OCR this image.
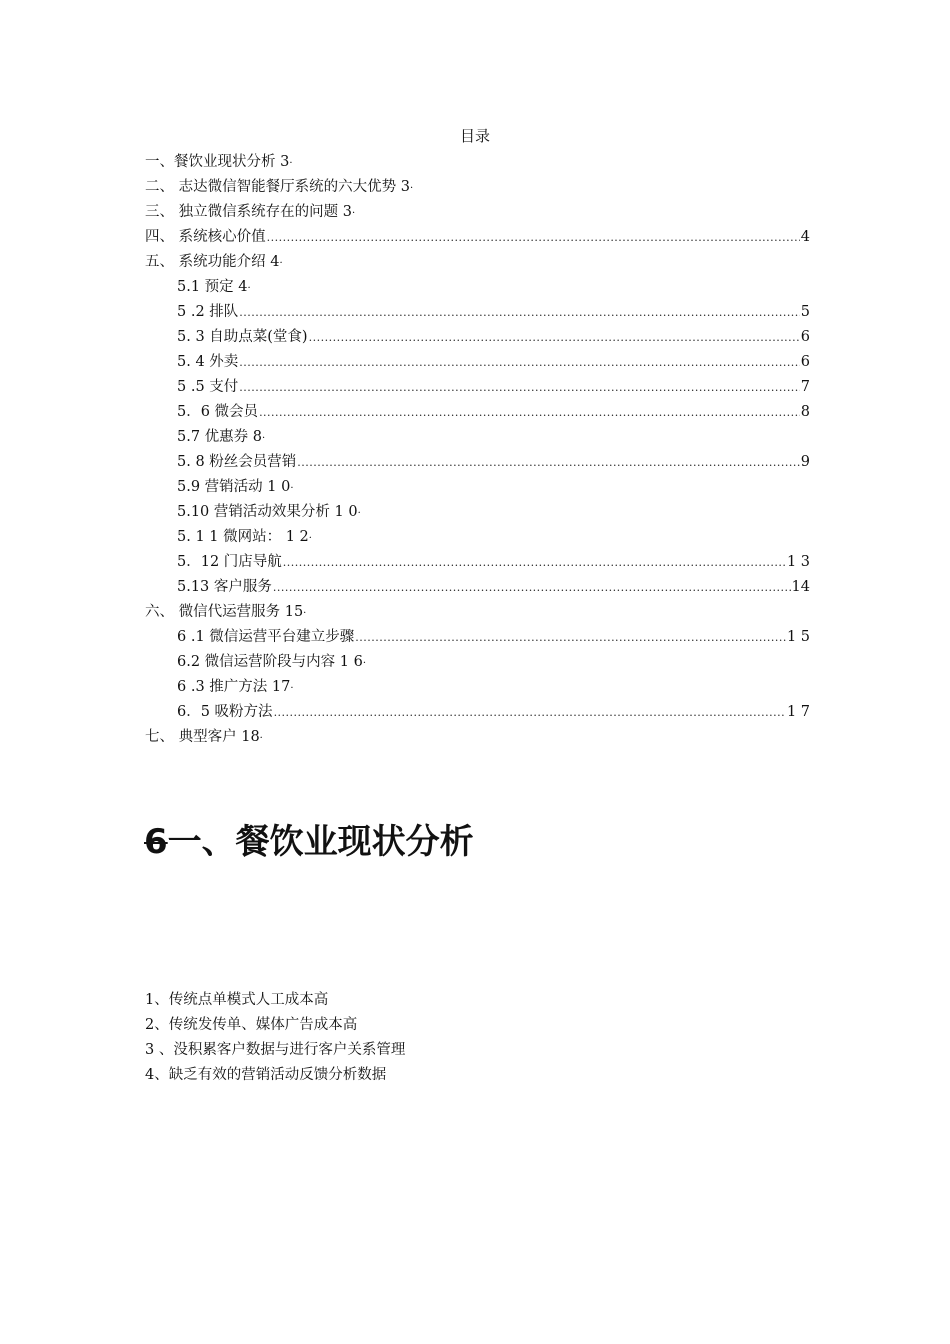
目录
一、餐饮业现状分析 3 ·
二、 志达微信智能餐厅系统的六大优势 3 ·
三、 独立微信系统存在的问题 3 ·
四、 系统核心价值 .....	4
五、 系统功能介绍 4 ·
5.1 预定 4 ·
5 .2 排队 .....	5
5. 3 自助点菜(堂食) .....	6
5. 4 外卖 .....	6
5 .5 支付 .....	7
5．6 微会员 .....	8
5.7 优惠券 8 ·
5. 8 粉丝会员营销 .....	9
5.9 营销活动 1 0 ·
5.10 营销活动效果分析 1 0 ·
5. 1 1 微网站： 1 2 ·
5．12 门店导航 .....	1 3
5.13 客户服务 .....	14
六、 微信代运营服务 15 ·
6 .1 微信运营平台建立步骤 .....	1 5
6.2 微信运营阶段与内容 1 6 ·
6 .3 推广方法 17 ·
6．5 吸粉方法 .....	1 7
七、 典型客户 18 ·
6一、餐饮业现状分析
1、传统点单模式人工成本高
2、传统发传单、媒体广告成本高
3 、没积累客户数据与进行客户关系管理
4、缺乏有效的营销活动反馈分析数据
